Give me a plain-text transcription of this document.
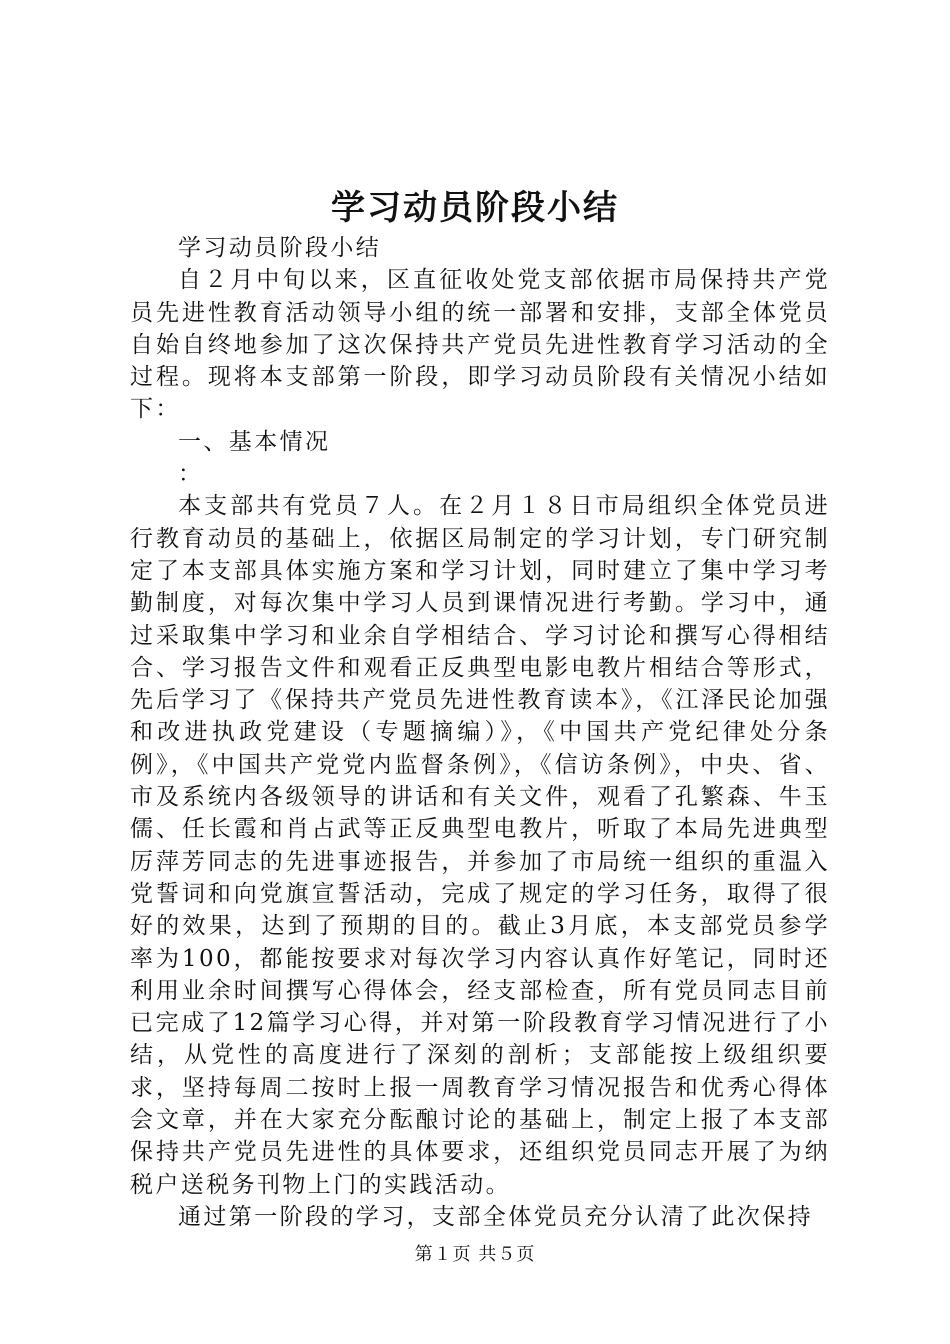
学习动员阶段小结

学习动员阶段小结

自２月中旬以来，区直征收处党支部依据市局保持共产党员先进性教育活动领导小组的统一部署和安排，支部全体党员自始自终地参加了这次保持共产党员先进性教育学习活动的全过程。现将本支部第一阶段，即学习动员阶段有关情况小结如下：

一、基本情况

：

本支部共有党员７人。在２月１８日市局组织全体党员进行教育动员的基础上，依据区局制定的学习计划，专门研究制定了本支部具体实施方案和学习计划，同时建立了集中学习考勤制度，对每次集中学习人员到课情况进行考勤。学习中，通过采取集中学习和业余自学相结合、学习讨论和撰写心得相结合、学习报告文件和观看正反典型电影电教片相结合等形式，先后学习了《保持共产党员先进性教育读本》，《江泽民论加强和改进执政党建设（专题摘编）》，《中国共产党纪律处分条例》，《中国共产党党内监督条例》，《信访条例》，中央、省、市及系统内各级领导的讲话和有关文件，观看了孔繁森、牛玉儒、任长霞和肖占武等正反典型电教片，听取了本局先进典型厉萍芳同志的先进事迹报告，并参加了市局统一组织的重温入党誓词和向党旗宣誓活动，完成了规定的学习任务，取得了很好的效果，达到了预期的目的。截止3月底，本支部党员参学率为100，都能按要求对每次学习内容认真作好笔记，同时还利用业余时间撰写心得体会，经支部检查，所有党员同志目前已完成了12篇学习心得，并对第一阶段教育学习情况进行了小结，从党性的高度进行了深刻的剖析；支部能按上级组织要求，坚持每周二按时上报一周教育学习情况报告和优秀心得体会文章，并在大家充分酝酿讨论的基础上，制定上报了本支部保持共产党员先进性的具体要求，还组织党员同志开展了为纳税户送税务刊物上门的实践活动。

通过第一阶段的学习，支部全体党员充分认清了此次保持

第１页 共５页
